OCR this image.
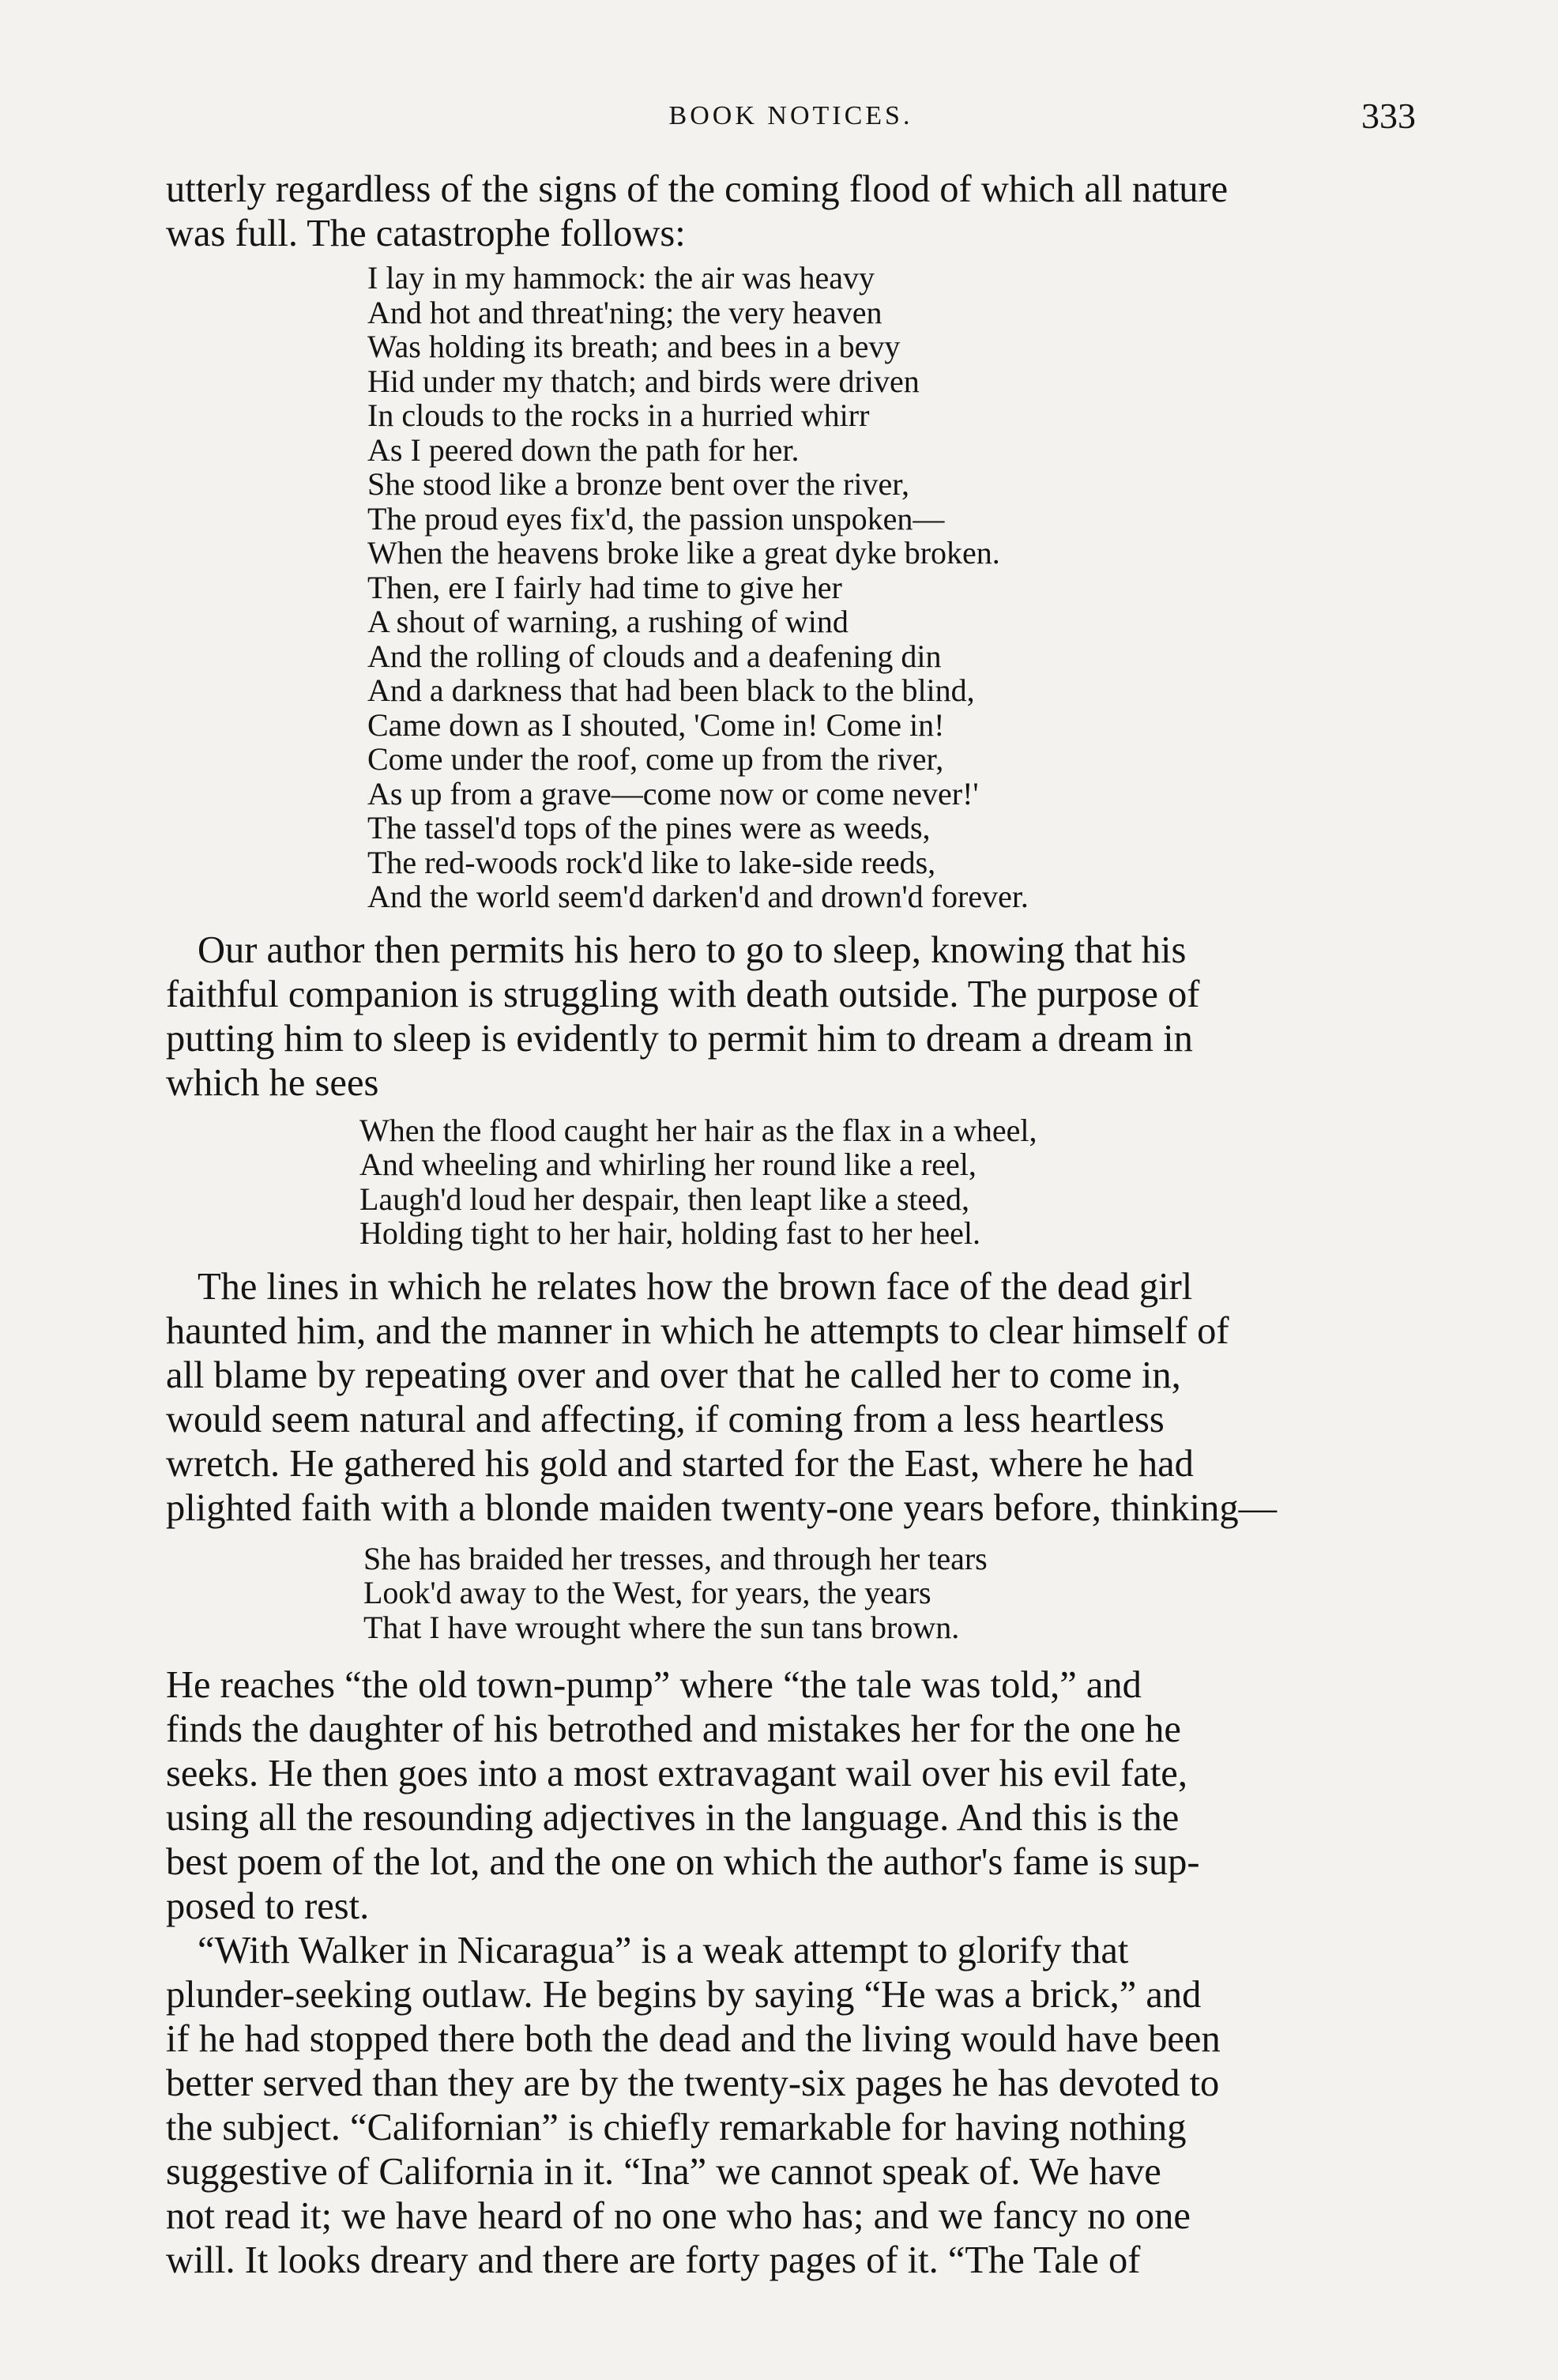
BOOK NOTICES.	333

utterly regardless of the signs of the coming flood of which all nature
was full. The catastrophe follows:

I lay in my hammock: the air was heavy
And hot and threat'ning; the very heaven
Was holding its breath; and bees in a bevy
Hid under my thatch; and birds were driven
In clouds to the rocks in a hurried whirr
As I peered down the path for her.
She stood like a bronze bent over the river,
The proud eyes fix'd, the passion unspoken—
When the heavens broke like a great dyke broken.
Then, ere I fairly had time to give her
A shout of warning, a rushing of wind
And the rolling of clouds and a deafening din
And a darkness that had been black to the blind,
Came down as I shouted, 'Come in! Come in!
Come under the roof, come up from the river,
As up from a grave—come now or come never!'
The tassel'd tops of the pines were as weeds,
The red-woods rock'd like to lake-side reeds,
And the world seem'd darken'd and drown'd forever.

Our author then permits his hero to go to sleep, knowing that his
faithful companion is struggling with death outside. The purpose of
putting him to sleep is evidently to permit him to dream a dream in
which he sees

When the flood caught her hair as the flax in a wheel,
And wheeling and whirling her round like a reel,
Laugh'd loud her despair, then leapt like a steed,
Holding tight to her hair, holding fast to her heel.

The lines in which he relates how the brown face of the dead girl
haunted him, and the manner in which he attempts to clear himself of
all blame by repeating over and over that he called her to come in,
would seem natural and affecting, if coming from a less heartless
wretch. He gathered his gold and started for the East, where he had
plighted faith with a blonde maiden twenty-one years before, thinking—

She has braided her tresses, and through her tears
Look'd away to the West, for years, the years
That I have wrought where the sun tans brown.

He reaches “the old town-pump” where “the tale was told,” and
finds the daughter of his betrothed and mistakes her for the one he
seeks. He then goes into a most extravagant wail over his evil fate,
using all the resounding adjectives in the language. And this is the
best poem of the lot, and the one on which the author's fame is sup-
posed to rest.

“With Walker in Nicaragua” is a weak attempt to glorify that
plunder-seeking outlaw. He begins by saying “He was a brick,” and
if he had stopped there both the dead and the living would have been
better served than they are by the twenty-six pages he has devoted to
the subject. “Californian” is chiefly remarkable for having nothing
suggestive of California in it. “Ina” we cannot speak of. We have
not read it; we have heard of no one who has; and we fancy no one
will. It looks dreary and there are forty pages of it. “The Tale of
